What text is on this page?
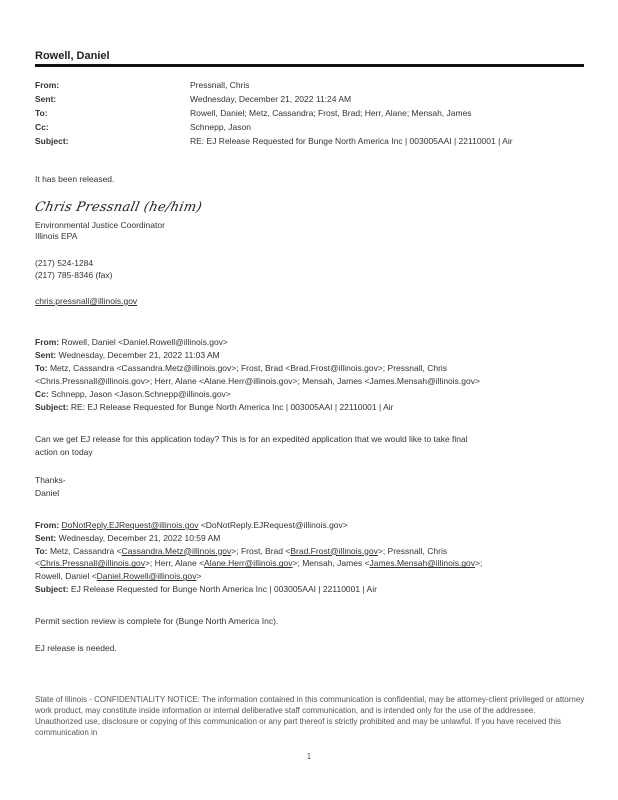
Rowell, Daniel
From:	Pressnall, Chris
Sent:	Wednesday, December 21, 2022 11:24 AM
To:	Rowell, Daniel; Metz, Cassandra; Frost, Brad; Herr, Alane; Mensah, James
Cc:	Schnepp, Jason
Subject:	RE: EJ Release Requested for Bunge North America Inc | 003005AAI | 22110001 | Air
It has been released.
Chris Pressnall (he/him)
Environmental Justice Coordinator
Illinois EPA
(217) 524-1284
(217) 785-8346 (fax)
chris.pressnall@illinois.gov
From: Rowell, Daniel <Daniel.Rowell@illinois.gov>
Sent: Wednesday, December 21, 2022 11:03 AM
To: Metz, Cassandra <Cassandra.Metz@illinois.gov>; Frost, Brad <Brad.Frost@illinois.gov>; Pressnall, Chris
<Chris.Pressnall@illinois.gov>; Herr, Alane <Alane.Herr@illinois.gov>; Mensah, James <James.Mensah@illinois.gov>
Cc: Schnepp, Jason <Jason.Schnepp@illinois.gov>
Subject: RE: EJ Release Requested for Bunge North America Inc | 003005AAI | 22110001 | Air
Can we get EJ release for this application today? This is for an expedited application that we would like to take final
action on today
Thanks-
Daniel
From: DoNotReply.EJRequest@illinois.gov <DoNotReply.EJRequest@illinois.gov>
Sent: Wednesday, December 21, 2022 10:59 AM
To: Metz, Cassandra <Cassandra.Metz@illinois.gov>; Frost, Brad <Brad.Frost@illinois.gov>; Pressnall, Chris
<Chris.Pressnall@illinois.gov>; Herr, Alane <Alane.Herr@illinois.gov>; Mensah, James <James.Mensah@illinois.gov>;
Rowell, Daniel <Daniel.Rowell@illinois.gov>
Subject: EJ Release Requested for Bunge North America Inc | 003005AAI | 22110001 | Air
Permit section review is complete for (Bunge North America Inc).
EJ release is needed.
State of Illinois - CONFIDENTIALITY NOTICE: The information contained in this communication is confidential, may be attorney-client privileged or attorney work product, may constitute inside information or internal deliberative staff communication, and is intended only for the use of the addressee. Unauthorized use, disclosure or copying of this communication or any part thereof is strictly prohibited and may be unlawful. If you have received this communication in
1
